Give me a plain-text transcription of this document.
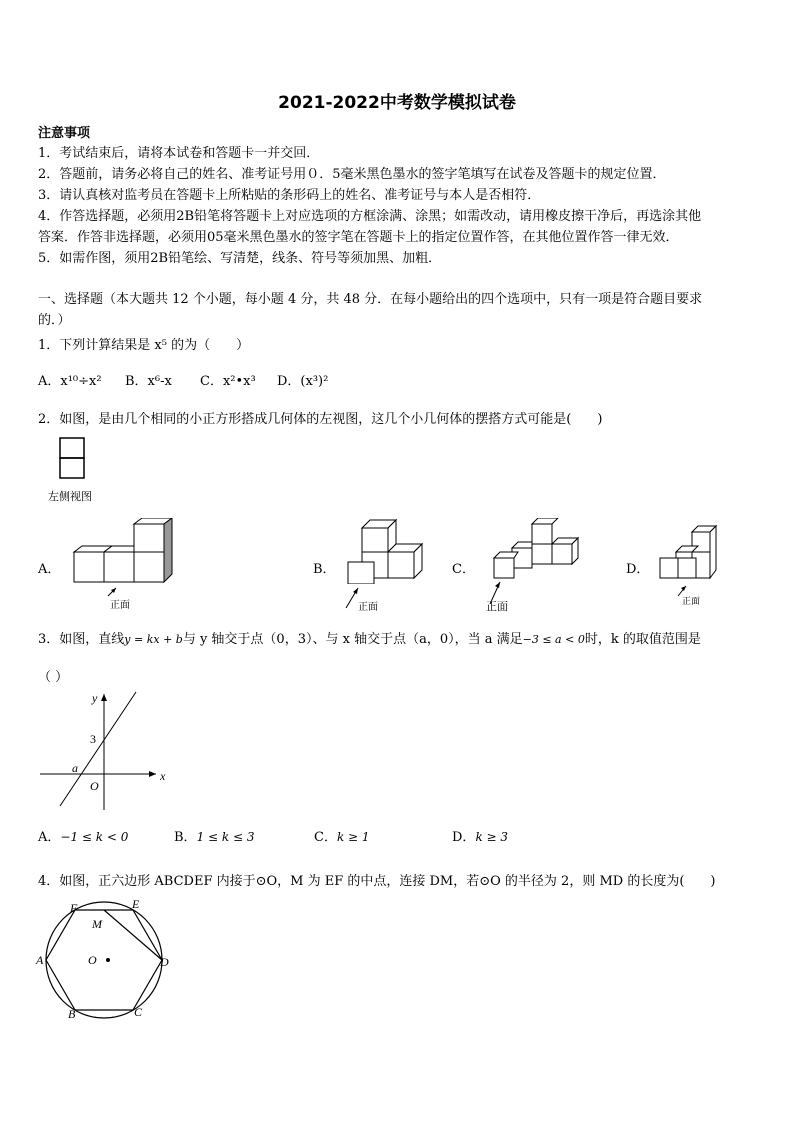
2021-2022中考数学模拟试卷
注意事项
1．考试结束后，请将本试卷和答题卡一并交回．
2．答题前，请务必将自己的姓名、准考证号用０．5毫米黑色墨水的签字笔填写在试卷及答题卡的规定位置．
3．请认真核对监考员在答题卡上所粘贴的条形码上的姓名、准考证号与本人是否相符．
4．作答选择题，必须用2B铅笔将答题卡上对应选项的方框涂满、涂黑；如需改动，请用橡皮擦干净后，再选涂其他
答案．作答非选择题，必须用05毫米黑色墨水的签字笔在答题卡上的指定位置作答，在其他位置作答一律无效．
5．如需作图，须用2B铅笔绘、写清楚，线条、符号等须加黑、加粗．
一、选择题（本大题共 12 个小题，每小题 4 分，共 48 分．在每小题给出的四个选项中，只有一项是符合题目要求
的．）
1．下列计算结果是 x⁵ 的为（　　）
A．x¹⁰÷x² B．x⁶-x C．x²•x³ D．(x³)²
2．如图，是由几个相同的小正方形搭成几何体的左视图，这几个小几何体的摆搭方式可能是(　　)
左侧视图
A．
正面
B．
正面
C．
正面
D．
正面
3．如图，直线y = kx + b与 y 轴交于点（0，3）、与 x 轴交于点（a，0），当 a 满足−3 ≤ a < 0时，k 的取值范围是
（ ）
y
x
3
a
O
A．−1 ≤ k < 0	B．1 ≤ k ≤ 3	C．k ≥ 1	D．k ≥ 3
4．如图，正六边形 ABCDEF 内接于⊙O，M 为 EF 的中点，连接 DM，若⊙O 的半径为 2，则 MD 的长度为(　　)
F	E
M
A	O	D
B	C
